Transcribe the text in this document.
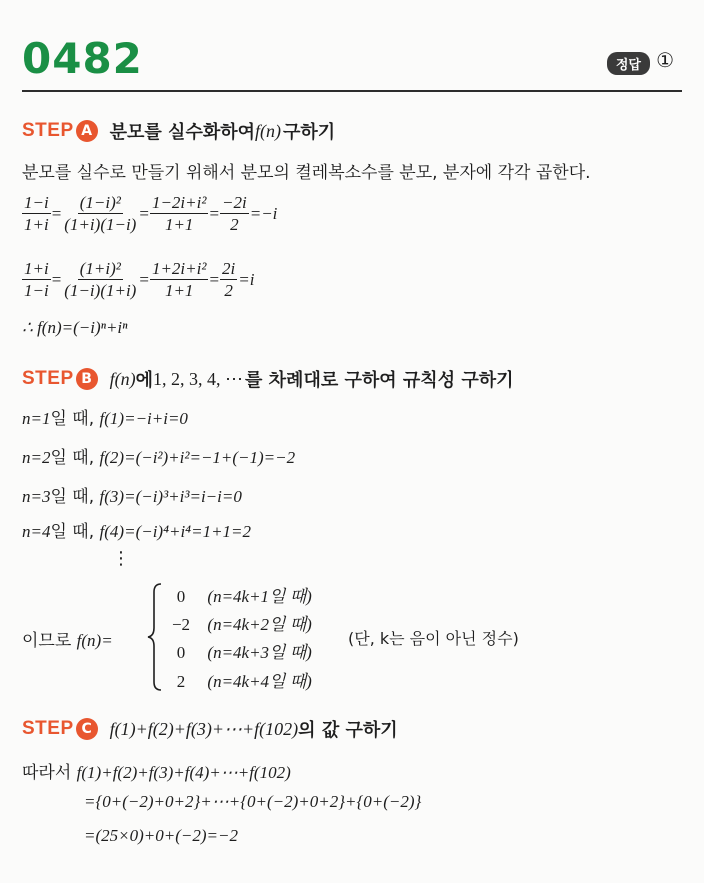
0482	정답 ①
STEP A 분모를 실수화하여 f(n) 구하기
분모를 실수로 만들기 위해서 분모의 켤레복소수를 분모, 분자에 각각 곱한다.
$\frac{1-i}{1+i} = \frac{\text{(1−i)²}}{(1+i)(1-i)} = \frac{\text{1−2i+i²}}{1+1} = \frac{-2i}{2} =-i$
$\frac{1+i}{1-i} = \frac{\text{(1+i)²}}{(1-i)(1+i)} = \frac{\text{1+2i+i²}}{1+1} = \frac{2i}{2} =i$
∴ f(n)=(−i)ⁿ+iⁿ
STEP B f(n) 에 1, 2, 3, 4, ⋯ 를 차례대로 구하여 규칙성 구하기
n=1일 때, f(1)=−i+i=0
n=2일 때, f(2)=(−i²)+i²=−1+(−1)=−2
n=3일 때, f(3)=(−i)³+i³=i−i=0
n=4일 때, f(4)=(−i)⁴+i⁴=1+1=2
⋮
이므로 f(n)=
0 (n=4k+1일 때)
−2 (n=4k+2일 때)
0 (n=4k+3일 때)
2 (n=4k+4일 때)
(단, k는 음이 아닌 정수)
STEP C f(1)+f(2)+f(3)+⋯+f(102) 의 값 구하기
따라서 f(1)+f(2)+f(3)+f(4)+⋯+f(102)
={0+(−2)+0+2}+⋯+{0+(−2)+0+2}+{0+(−2)}
=(25×0)+0+(−2)=−2
